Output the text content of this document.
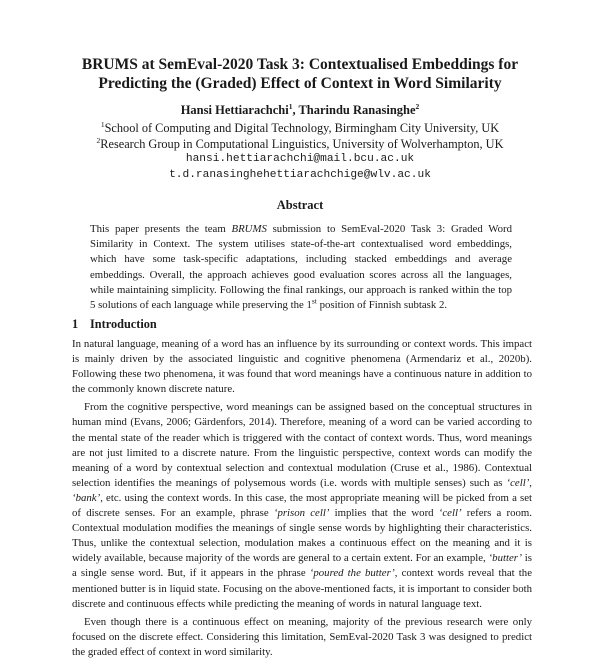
BRUMS at SemEval-2020 Task 3: Contextualised Embeddings for
Predicting the (Graded) Effect of Context in Word Similarity
Hansi Hettiarachchi$^1$, Tharindu Ranasinghe$^2$
$^1$School of Computing and Digital Technology, Birmingham City University, UK
$^2$Research Group in Computational Linguistics, University of Wolverhampton, UK
hansi.hettiarachchi@mail.bcu.ac.uk
t.d.ranasinghehettiarachchige@wlv.ac.uk
Abstract
This paper presents the team BRUMS submission to SemEval-2020 Task 3: Graded Word Similarity in Context. The system utilises state-of-the-art contextualised word embeddings, which have some task-specific adaptations, including stacked embeddings and average embeddings. Overall, the approach achieves good evaluation scores across all the languages, while maintaining simplicity. Following the final rankings, our approach is ranked within the top 5 solutions of each language while preserving the 1st position of Finnish subtask 2.
1 Introduction

In natural language, meaning of a word has an influence by its surrounding or context words. This impact is mainly driven by the associated linguistic and cognitive phenomena (Armendariz et al., 2020b). Following these two phenomena, it was found that word meanings have a continuous nature in addition to the commonly known discrete nature.

From the cognitive perspective, word meanings can be assigned based on the conceptual structures in human mind (Evans, 2006; Gärdenfors, 2014). Therefore, meaning of a word can be varied according to the mental state of the reader which is triggered with the contact of context words. Thus, word meanings are not just limited to a discrete nature. From the linguistic perspective, context words can modify the meaning of a word by contextual selection and contextual modulation (Cruse et al., 1986). Contextual selection identifies the meanings of polysemous words (i.e. words with multiple senses) such as ‘cell’, ‘bank’, etc. using the context words. In this case, the most appropriate meaning will be picked from a set of discrete senses. For an example, phrase ‘prison cell’ implies that the word ‘cell’ refers a room. Contextual modulation modifies the meanings of single sense words by highlighting their characteristics. Thus, unlike the contextual selection, modulation makes a continuous effect on the meaning and it is widely available, because majority of the words are general to a certain extent. For an example, ‘butter’ is a single sense word. But, if it appears in the phrase ‘poured the butter’, context words reveal that the mentioned butter is in liquid state. Focusing on the above-mentioned facts, it is important to consider both discrete and continuous effects while predicting the meaning of words in natural language text.

Even though there is a continuous effect on meaning, majority of the previous research were only focused on the discrete effect. Considering this limitation, SemEval-2020 Task 3 was designed to predict the graded effect of context in word similarity.
